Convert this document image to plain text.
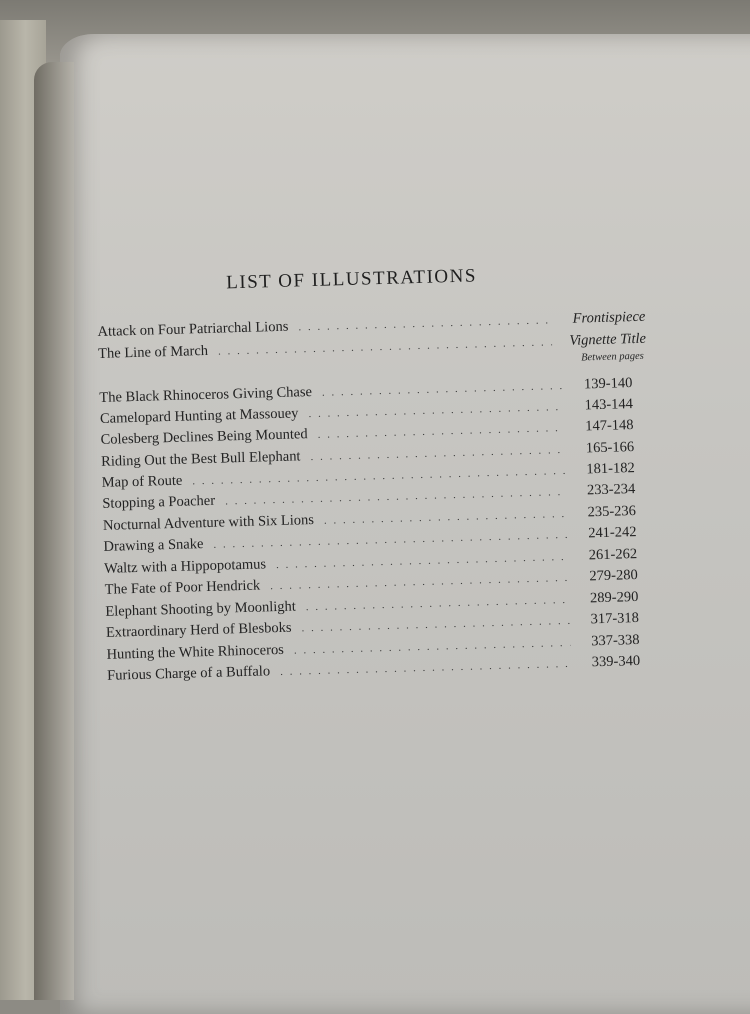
LIST OF ILLUSTRATIONS
Attack on Four Patriarchal Lions
. . .
Frontispiece
The Line of March
. . .
Vignette Title
Between pages
The Black Rhinoceros Giving Chase
. . .
139-140
Camelopard Hunting at Massouey
. . .
143-144
Colesberg Declines Being Mounted
. . .
147-148
Riding Out the Best Bull Elephant
. . .
165-166
Map of Route
. . .
181-182
Stopping a Poacher
. . .
233-234
Nocturnal Adventure with Six Lions
. . .
235-236
Drawing a Snake
. . .
241-242
Waltz with a Hippopotamus
. . .
261-262
The Fate of Poor Hendrick
. . .
279-280
Elephant Shooting by Moonlight
. . .
289-290
Extraordinary Herd of Blesboks
. . .
317-318
Hunting the White Rhinoceros
. . .
337-338
Furious Charge of a Buffalo
. . .
339-340
